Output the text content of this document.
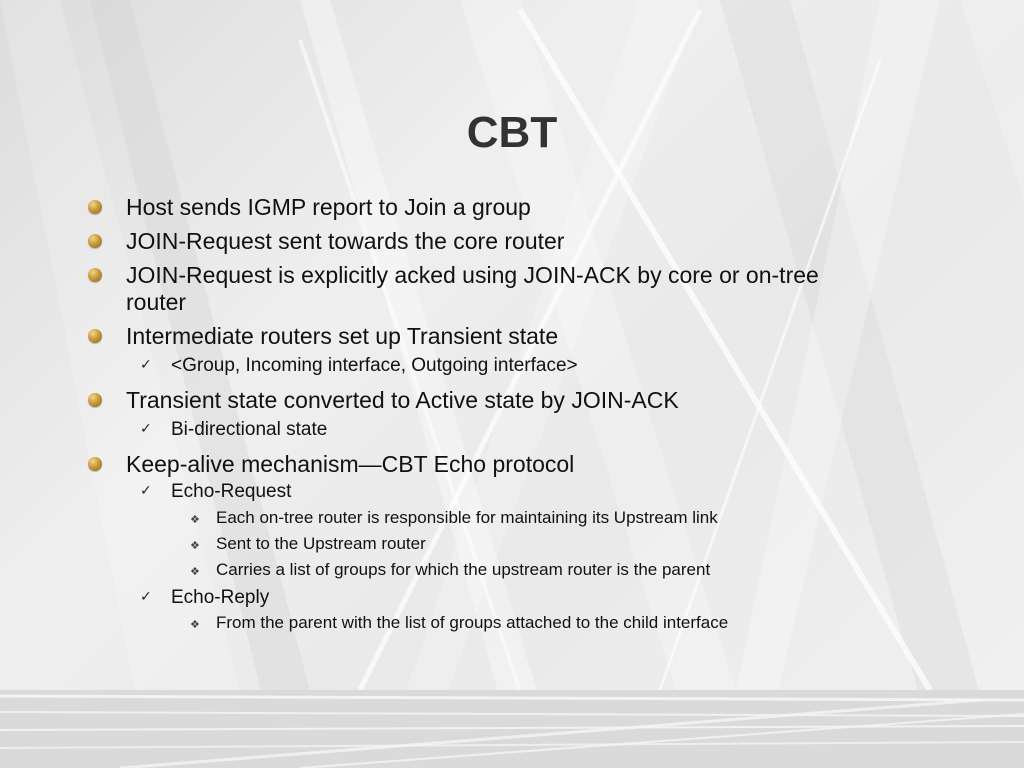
CBT
Host sends IGMP report to Join a group
JOIN-Request sent towards the core router
JOIN-Request is explicitly acked using JOIN-ACK by core or on-tree
router
Intermediate routers set up Transient state
✓ <Group, Incoming interface, Outgoing interface>
Transient state converted to Active state by JOIN-ACK
✓ Bi-directional state
Keep-alive mechanism—CBT Echo protocol
✓ Echo-Request
❖ Each on-tree router is responsible for maintaining its Upstream link
❖ Sent to the Upstream router
❖ Carries a list of groups for which the upstream router is the parent
✓ Echo-Reply
❖ From the parent with the list of groups attached to the child interface
